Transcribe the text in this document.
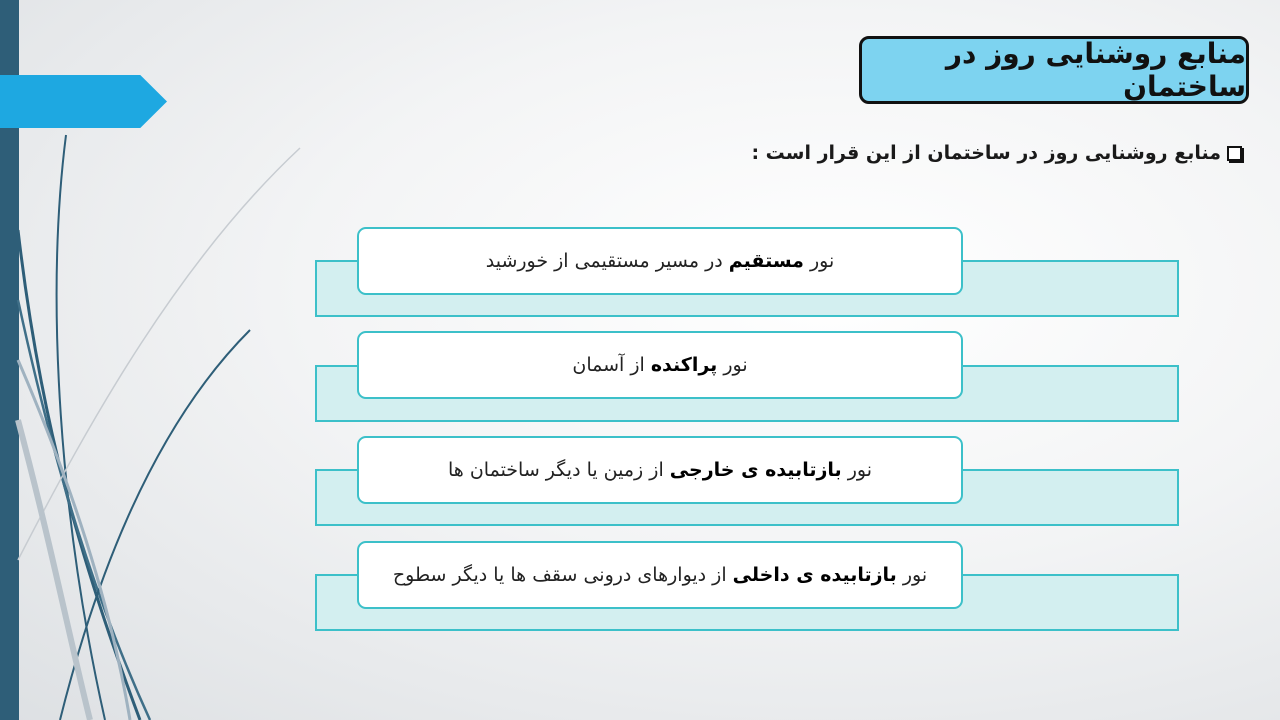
منابع روشنایی روز در ساختمان
منابع روشنایی روز در ساختمان از این قرار است :
نور

مستقیم

در مسیر مستقیمی از خورشید
نور

پراکنده

از آسمان
نور

بازتابیده ی خارجی

از زمین یا دیگر ساختمان ها
نور

بازتابیده ی داخلی

از دیوارهای درونی سقف ها یا دیگر سطوح
